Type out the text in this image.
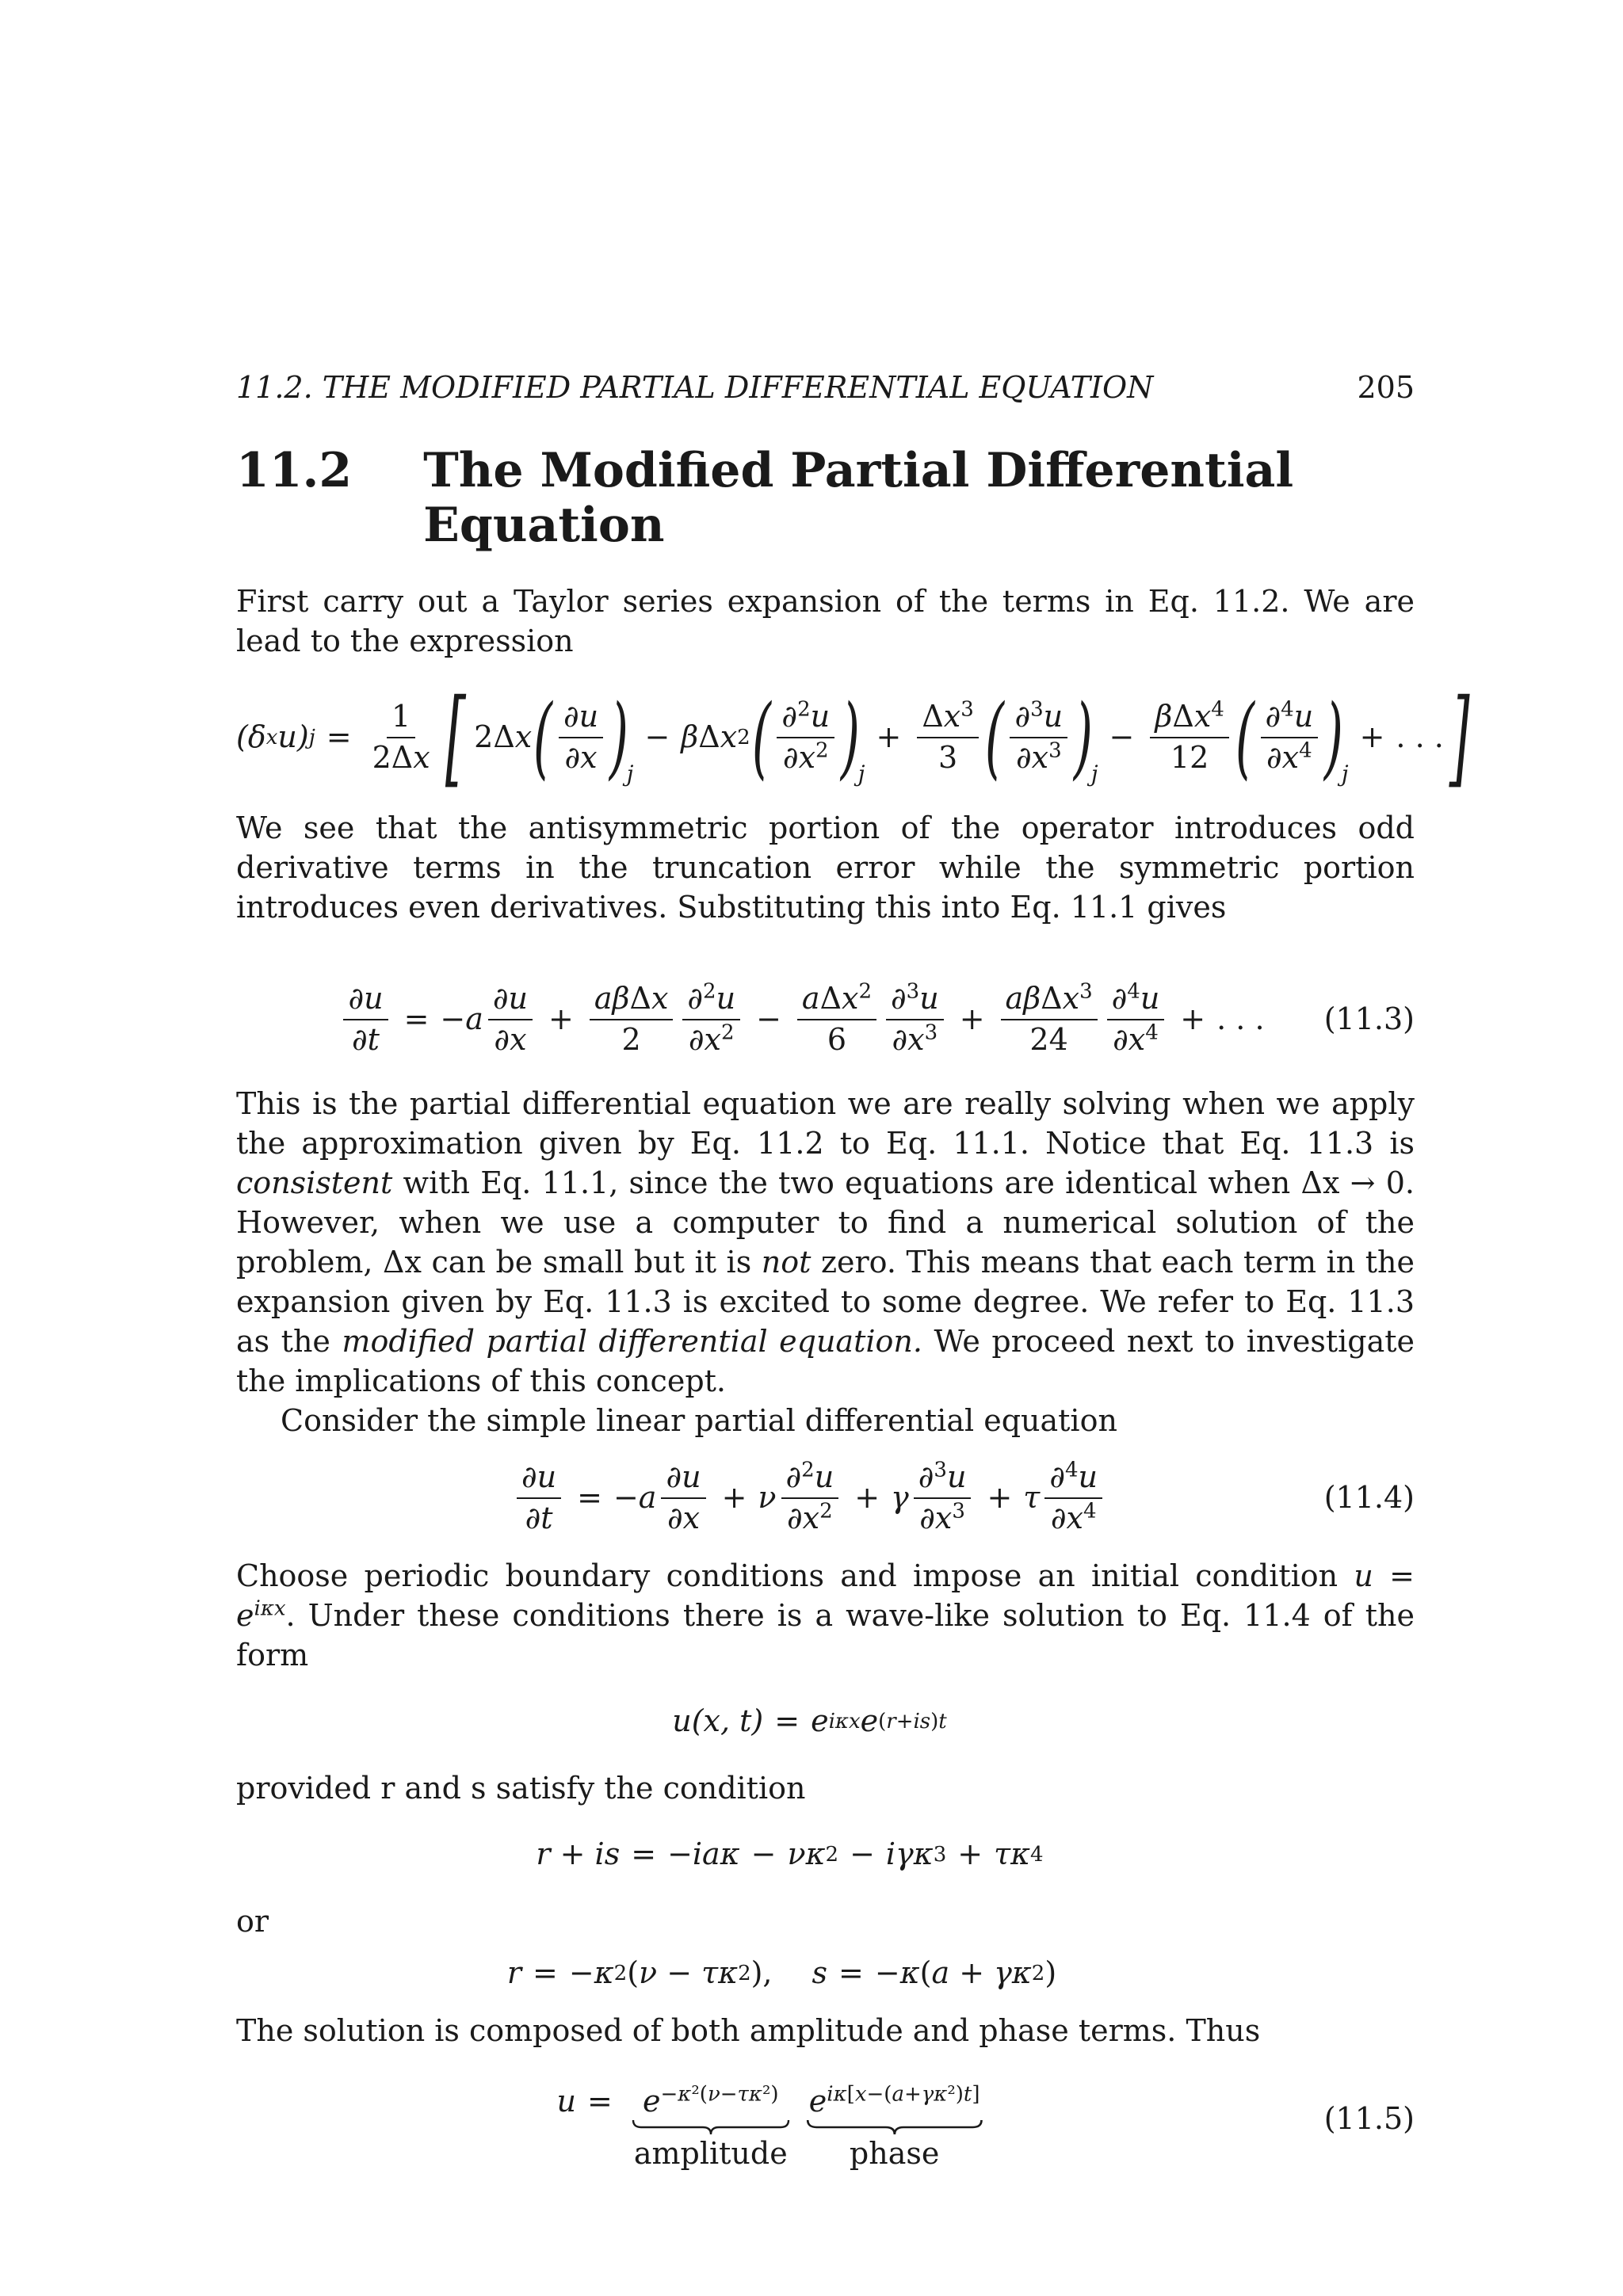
11.2. THE MODIFIED PARTIAL DIFFERENTIAL EQUATION	205
11.2 The Modified Partial Differential Equation

First carry out a Taylor series expansion of the terms in Eq. 11.2. We are lead to the expression

( δ x u ) $j = \frac{1}{2\Delta x}$ [ 2Δ x ( $\frac{\partial u}{\partial x}$ )
j
− β Δ x 2 ( $\frac{\partial^2u}{\partial x^2}$ )
j
+ $\frac{\Delta x^3}{3}$ ( $\frac{\partial^3u}{\partial x^3}$ )
j
− $\frac{\beta\Delta x^4}{12}$ ( $\frac{\partial^4u}{\partial x^4}$ )
j
+ . . . ]

We see that the antisymmetric portion of the operator introduces odd derivative terms in the truncation error while the symmetric portion introduces even derivatives. Substituting this into Eq. 11.1 gives

$\frac{\partial u}{\partial t} = -a \frac{\partial u}{\partial x} + \frac{\text{aβΔx}}{2} \frac{\partial^2u}{\partial x^2} - \frac{a\Delta x^2}{6} \frac{\partial^3u}{\partial x^3} + \frac{a\beta\Delta x^3}{24} \frac{\partial^4u}{\partial x^4}$ + . . . (11.3)

This is the partial differential equation we are really solving when we apply the approximation given by Eq. 11.2 to Eq. 11.1. Notice that Eq. 11.3 is consistent with Eq. 11.1, since the two equations are identical when Δx → 0. However, when we use a computer to find a numerical solution of the problem, Δx can be small but it is not zero. This means that each term in the expansion given by Eq. 11.3 is excited to some degree. We refer to Eq. 11.3 as the modified partial differential equation. We proceed next to investigate the implications of this concept.

Consider the simple linear partial differential equation

$\frac{\partial u}{\partial t} = -a \frac{\partial u}{\partial x} + \nu \frac{\partial^2u}{\partial x^2} + \gamma \frac{\partial^3u}{\partial x^3} + \tau \frac{\partial^4u}{\partial x^4}$	(11.4)

Choose periodic boundary conditions and impose an initial condition $u = e^{i\kappa x}$. Under these conditions there is a wave-like solution to Eq. 11.4 of the form

u(x, t) = e iκx e (r+is)t

provided r and s satisfy the condition

r + is = −iaκ − νκ 2 − iγκ 3 + τκ 4

or

r = −κ 2 ( ν − τκ 2 ), s = −κ ( a + γκ 2 )

The solution is composed of both amplitude and phase terms. Thus

$u = e^{-\kappa^2(\nu-\tau\kappa^2)}$
amplitude
$e^{i\kappa[x-(a+\gamma\kappa^2)t]}$
phase
(11.5)
